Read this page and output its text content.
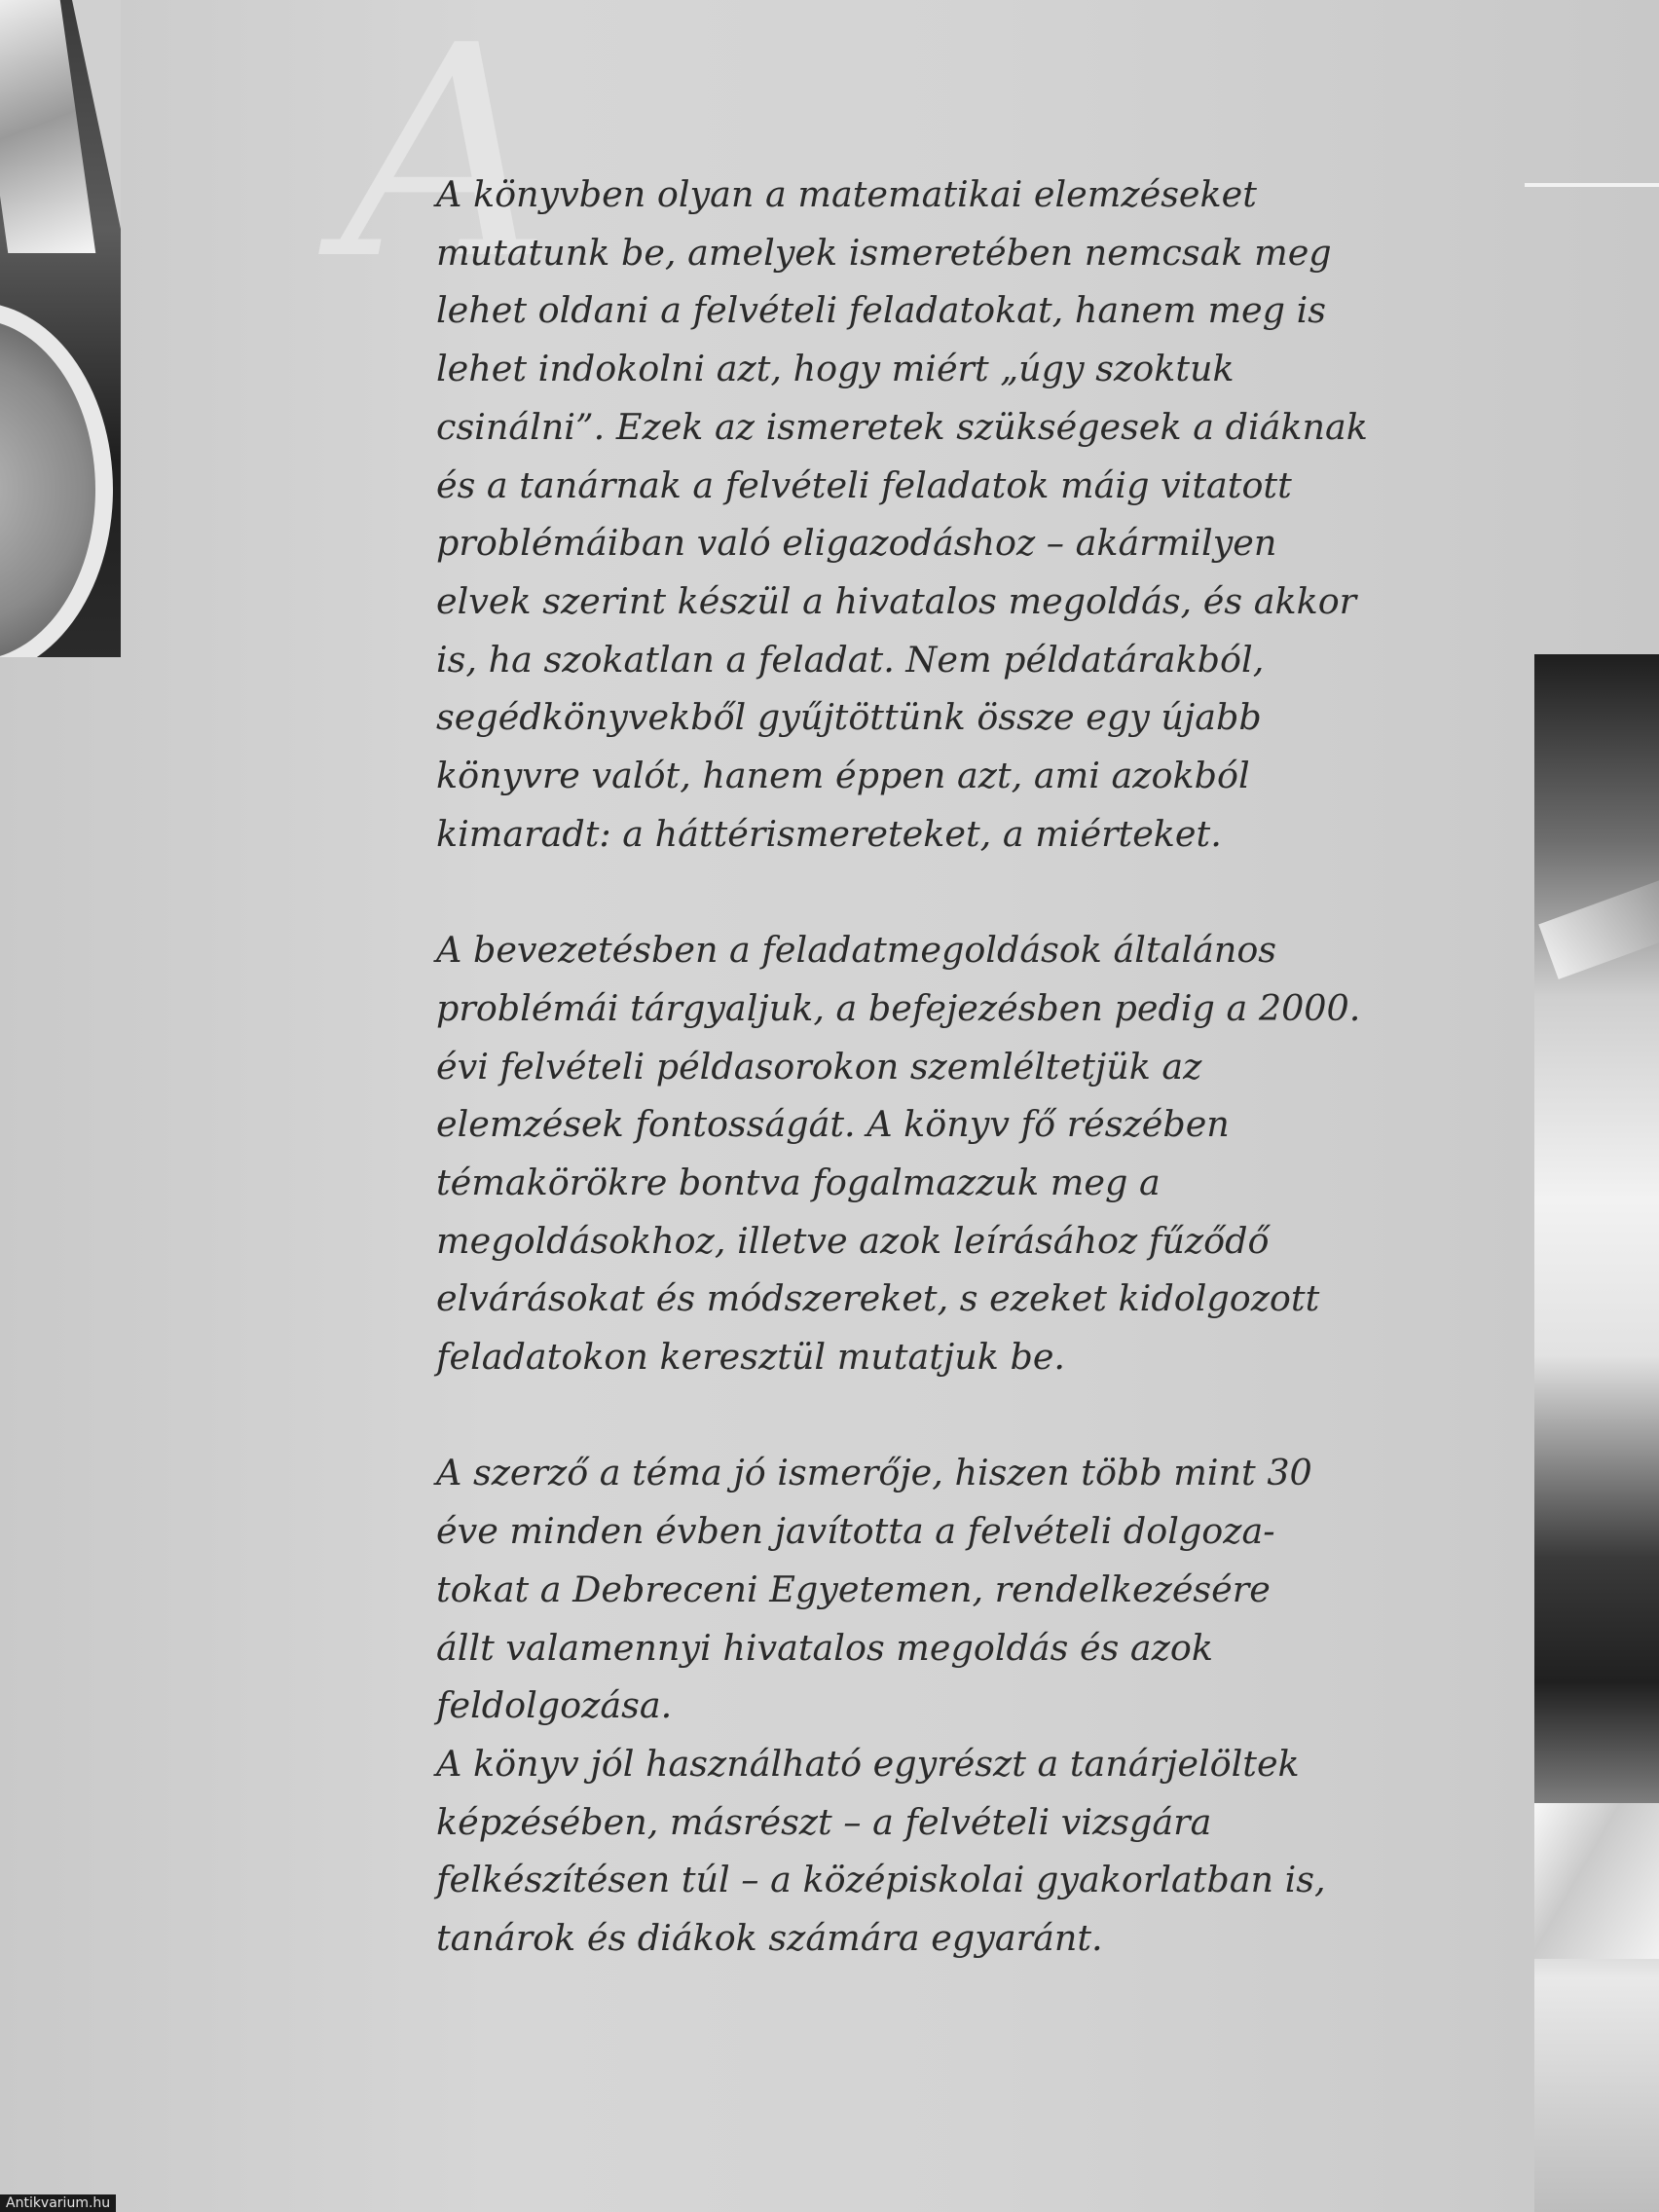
A

A könyvben olyan a matematikai elemzéseket

mutatunk be, amelyek ismeretében nemcsak meg

lehet oldani a felvételi feladatokat, hanem meg is

lehet indokolni azt, hogy miért „úgy szoktuk

csinálni”. Ezek az ismeretek szükségesek a diáknak

és a tanárnak a felvételi feladatok máig vitatott

problémáiban való eligazodáshoz – akármilyen

elvek szerint készül a hivatalos megoldás, és akkor

is, ha szokatlan a feladat. Nem példatárakból,

segédkönyvekből gyűjtöttünk össze egy újabb

könyvre valót, hanem éppen azt, ami azokból

kimaradt: a háttérismereteket, a miérteket.

A bevezetésben a feladatmegoldások általános

problémái tárgyaljuk, a befejezésben pedig a 2000.

évi felvételi példasorokon szemléltetjük az

elemzések fontosságát. A könyv fő részében

témakörökre bontva fogalmazzuk meg a

megoldásokhoz, illetve azok leírásához fűződő

elvárásokat és módszereket, s ezeket kidolgozott

feladatokon keresztül mutatjuk be.

A szerző a téma jó ismerője, hiszen több mint 30

éve minden évben javította a felvételi dolgoza-

tokat a Debreceni Egyetemen, rendelkezésére

állt valamennyi hivatalos megoldás és azok

feldolgozása.

A könyv jól használható egyrészt a tanárjelöltek

képzésében, másrészt – a felvételi vizsgára

felkészítésen túl – a középiskolai gyakorlatban is,

tanárok és diákok számára egyaránt.

Antikvarium.hu
